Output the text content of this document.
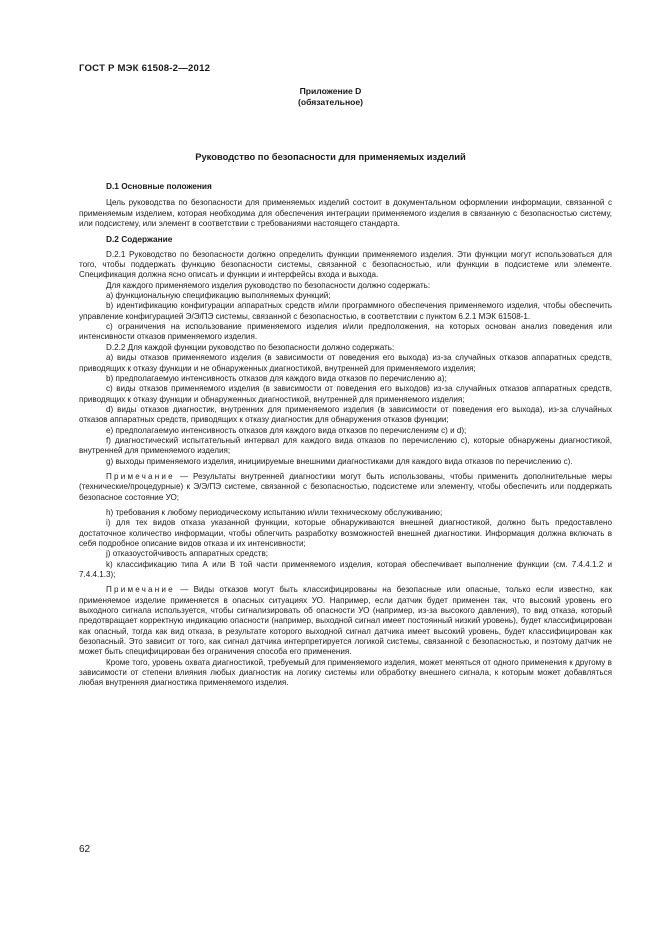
ГОСТ Р МЭК 61508-2—2012
Приложение D
(обязательное)
Руководство по безопасности для применяемых изделий
D.1 Основные положения

Цель руководства по безопасности для применяемых изделий состоит в документальном оформлении информации, связанной с применяемым изделием, которая необходима для обеспечения интеграции применяемого изделия в связанную с безопасностью систему, или подсистему, или элемент в соответствии с требованиями настоящего стандарта.

D.2 Содержание

D.2.1 Руководство по безопасности должно определить функции применяемого изделия. Эти функции могут использоваться для того, чтобы поддержать функцию безопасности системы, связанной с безопасностью, или функции в подсистеме или элементе. Спецификация должна ясно описать и функции и интерфейсы входа и выхода.

Для каждого применяемого изделия руководство по безопасности должно содержать:

а) функциональную спецификацию выполняемых функций;

b) идентификацию конфигурации аппаратных средств и/или программного обеспечения применяемого изделия, чтобы обеспечить управление конфигурацией Э/Э/ПЭ системы, связанной с безопасностью, в соответствии с пунктом 6.2.1 МЭК 61508-1.

c) ограничения на использование применяемого изделия и/или предположения, на которых основан анализ поведения или интенсивности отказов применяемого изделия.

D.2.2 Для каждой функции руководство по безопасности должно содержать:

а) виды отказов применяемого изделия (в зависимости от поведения его выхода) из-за случайных отказов аппаратных средств, приводящих к отказу функции и не обнаруженных диагностикой, внутренней для применяемого изделия;

b) предполагаемую интенсивность отказов для каждого вида отказов по перечислению а);

c) виды отказов применяемого изделия (в зависимости от поведения его выходов) из-за случайных отказов аппаратных средств, приводящих к отказу функции и обнаруженных диагностикой, внутренней для применяемого изделия;

d) виды отказов диагностик, внутренних для применяемого изделия (в зависимости от поведения его выхода), из-за случайных отказов аппаратных средств, приводящих к отказу диагностик для обнаружения отказов функции;

e) предполагаемую интенсивность отказов для каждого вида отказов по перечислениям с) и d);

f) диагностический испытательный интервал для каждого вида отказов по перечислению с), которые обнаружены диагностикой, внутренней для применяемого изделия;

g) выходы применяемого изделия, инициируемые внешними диагностиками для каждого вида отказов по перечислению с).

Примечание — Результаты внутренней диагностики могут быть использованы, чтобы применить дополнительные меры (технические/процедурные) к Э/Э/ПЭ системе, связанной с безопасностью, подсистеме или элементу, чтобы обеспечить или поддержать безопасное состояние УО;

h) требования к любому периодическому испытанию и/или техническому обслуживанию;

i) для тех видов отказа указанной функции, которые обнаруживаются внешней диагностикой, должно быть предоставлено достаточное количество информации, чтобы облегчить разработку возможностей внешней диагностики. Информация должна включать в себя подробное описание видов отказа и их интенсивности;

j) отказоустойчивость аппаратных средств;

k) классификацию типа А или В той части применяемого изделия, которая обеспечивает выполнение функции (см. 7.4.4.1.2 и 7.4.4.1.3);

Примечание — Виды отказов могут быть классифицированы на безопасные или опасные, только если известно, как применяемое изделие применяется в опасных ситуациях УО. Например, если датчик будет применен так, что высокий уровень его выходного сигнала используется, чтобы сигнализировать об опасности УО (например, из-за высокого давления), то вид отказа, который предотвращает корректную индикацию опасности (например, выходной сигнал имеет постоянный низкий уровень), будет классифицирован как опасный, тогда как вид отказа, в результате которого выходной сигнал датчика имеет высокий уровень, будет классифицирован как безопасный. Это зависит от того, как сигнал датчика интерпретируется логикой системы, связанной с безопасностью, и поэтому датчик не может быть специфицирован без ограничения способа его применения.

Кроме того, уровень охвата диагностикой, требуемый для применяемого изделия, может меняться от одного применения к другому в зависимости от степени влияния любых диагностик на логику системы или обработку внешнего сигнала, к которым может добавляться любая внутренняя диагностика применяемого изделия.

62
